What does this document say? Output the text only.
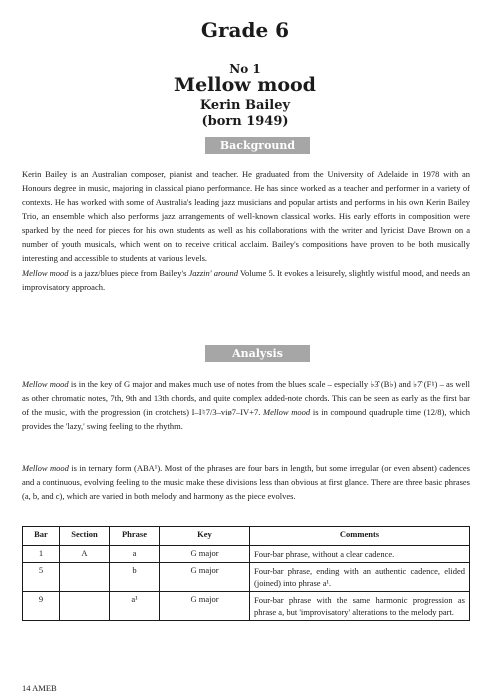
Grade 6
No 1
Mellow mood
Kerin Bailey
(born 1949)
Background

Kerin Bailey is an Australian composer, pianist and teacher. He graduated from the University of Adelaide in 1978 with an Honours degree in music, majoring in classical piano performance. He has since worked as a teacher and performer in a variety of contexts. He has worked with some of Australia's leading jazz musicians and popular artists and performs in his own Kerin Bailey Trio, an ensemble which also performs jazz arrangements of well-known classical works. His early efforts in composition were sparked by the need for pieces for his own students as well as his collaborations with the writer and lyricist Dave Brown on a number of youth musicals, which went on to receive critical acclaim. Bailey's compositions have proven to be both musically interesting and accessible to students at various levels.

Mellow mood is a jazz/blues piece from Bailey's Jazzin' around Volume 5. It evokes a leisurely, slightly wistful mood, and needs an improvisatory approach.

Analysis

Mellow mood is in the key of G major and makes much use of notes from the blues scale – especially ♭3̂ (B♭) and ♭7̂ (F♮) – as well as other chromatic notes, 7th, 9th and 13th chords, and quite complex added-note chords. This can be seen as early as the first bar of the music, with the progression (in crotchets) I–I♮7/3–viø7–IV+7. Mellow mood is in compound quadruple time (12/8), which provides the 'lazy,' swing feeling to the rhythm.

Mellow mood is in ternary form (ABA¹). Most of the phrases are four bars in length, but some irregular (or even absent) cadences and a continuous, evolving feeling to the music make these divisions less than obvious at first glance. There are three basic phrases (a, b, and c), which are varied in both melody and harmony as the piece evolves.

Bar	Section	Phrase	Key	Comments
1	A	a	G major	Four-bar phrase, without a clear cadence.
5		b	G major	Four-bar phrase, ending with an authentic cadence, elided (joined) into phrase a¹.
9		a¹	G major	Four-bar phrase with the same harmonic progression as phrase a, but 'improvisatory' alterations to the melody part.
14 AMEB
